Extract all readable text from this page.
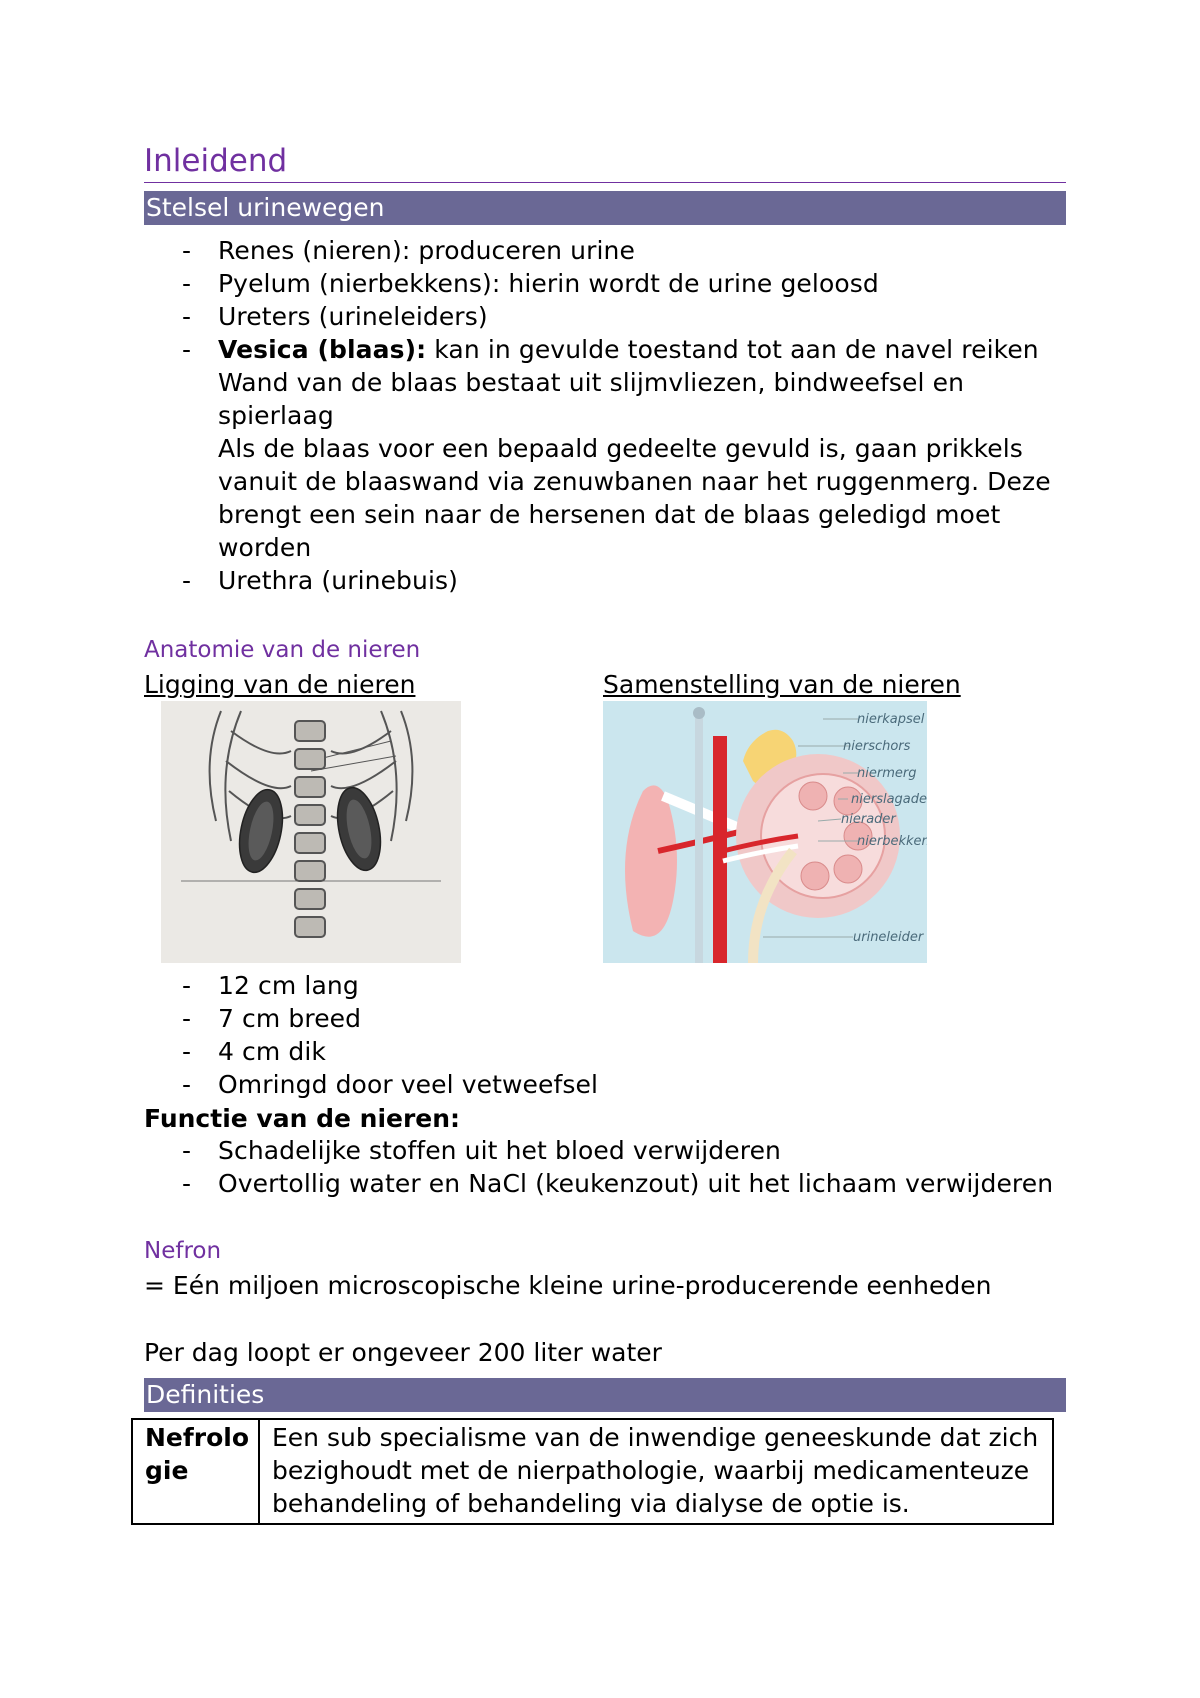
Inleidend
Stelsel urinewegen
- Renes (nieren): produceren urine
- Pyelum (nierbekkens): hierin wordt de urine geloosd
- Ureters (urineleiders)
- Vesica (blaas): kan in gevulde toestand tot aan de navel reiken
Wand van de blaas bestaat uit slijmvliezen, bindweefsel en spierlaag
Als de blaas voor een bepaald gedeelte gevuld is, gaan prikkels vanuit de blaaswand via zenuwbanen naar het ruggenmerg. Deze brengt een sein naar de hersenen dat de blaas geledigd moet worden
- Urethra (urinebuis)
Anatomie van de nieren
Ligging van de nieren	Samenstelling van de nieren
nierkapsel
nierschors
niermerg
nierslagader
nierader
nierbekken
urineleider
- 12 cm lang
- 7 cm breed
- 4 cm dik
- Omringd door veel vetweefsel
Functie van de nieren:
- Schadelijke stoffen uit het bloed verwijderen
- Overtollig water en NaCl (keukenzout) uit het lichaam verwijderen
Nefron
= Eén miljoen microscopische kleine urine-producerende eenheden
Per dag loopt er ongeveer 200 liter water
Definities
Nefrologie	Een sub specialisme van de inwendige geneeskunde dat zich bezighoudt met de nierpathologie, waarbij medicamenteuze behandeling of behandeling via dialyse de optie is.
